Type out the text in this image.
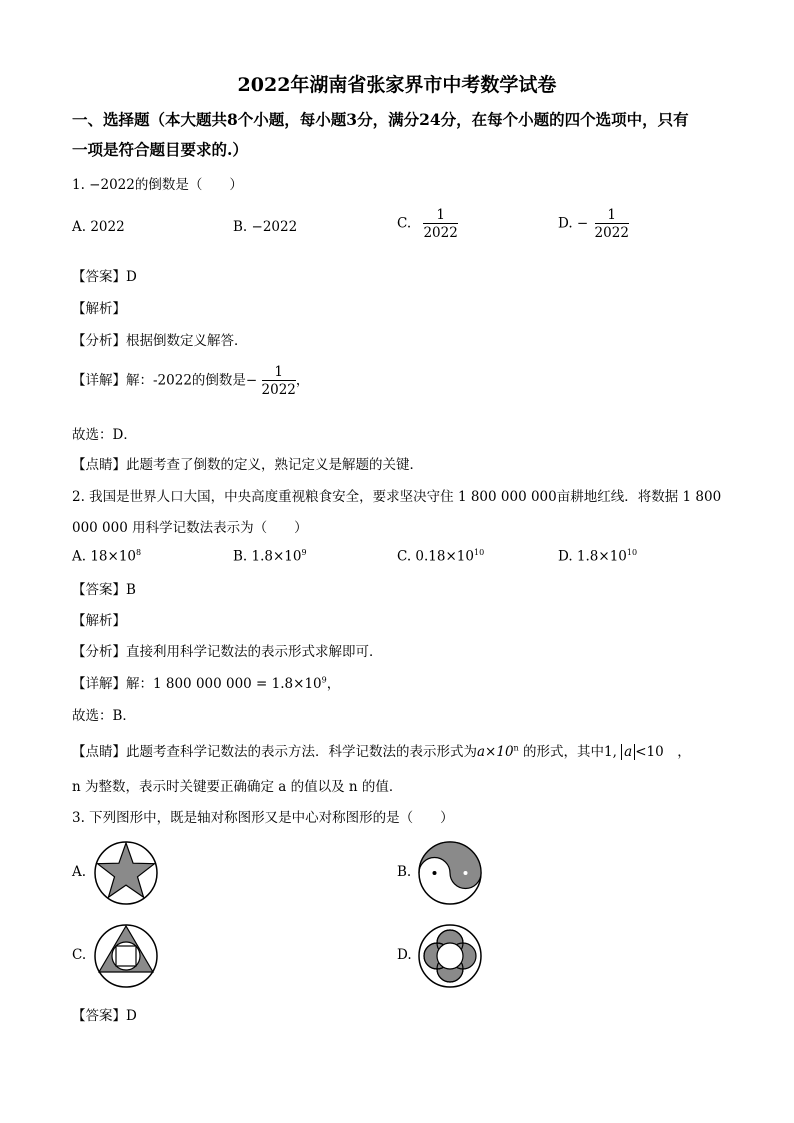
2022年湖南省张家界市中考数学试卷
一、选择题（本大题共8个小题，每小题3分，满分24分，在每个小题的四个选项中，只有
一项是符合题目要求的.）
1. −2022的倒数是（　　）
A. 2022	B. −2022	C. $\frac{1}{2022}$	D. − $\frac{1}{2022}$
【答案】D
【解析】
【分析】根据倒数定义解答．
【详解】解：-2022的倒数是− $\frac{1}{2022}$ ，
故选：D．
【点睛】此题考查了倒数的定义，熟记定义是解题的关键．
2. 我国是世界人口大国，中央高度重视粮食安全，要求坚决守住 1 800 000 000亩耕地红线．将数据 1 800
000 000 用科学记数法表示为（　　）
A. $18\times 10^8$	B. $1.8\times 10^9$	C. $0.18\times 10^{10}$	D. $1.8\times 10^{10}$
【答案】B
【解析】
【分析】直接利用科学记数法的表示形式求解即可．
【详解】解：1 800 000 $000 = 1.8\times 10^9$，
故选：B．
【点睛】此题考查科学记数法的表示方法．科学记数法的表示形式为$a\times 10^n$ 的形式，其中1, a <10　，
n 为整数，表示时关键要正确确定 a 的值以及 n 的值．
3. 下列图形中，既是轴对称图形又是中心对称图形的是（　　）
A.	B.
C.	D.
【答案】D
